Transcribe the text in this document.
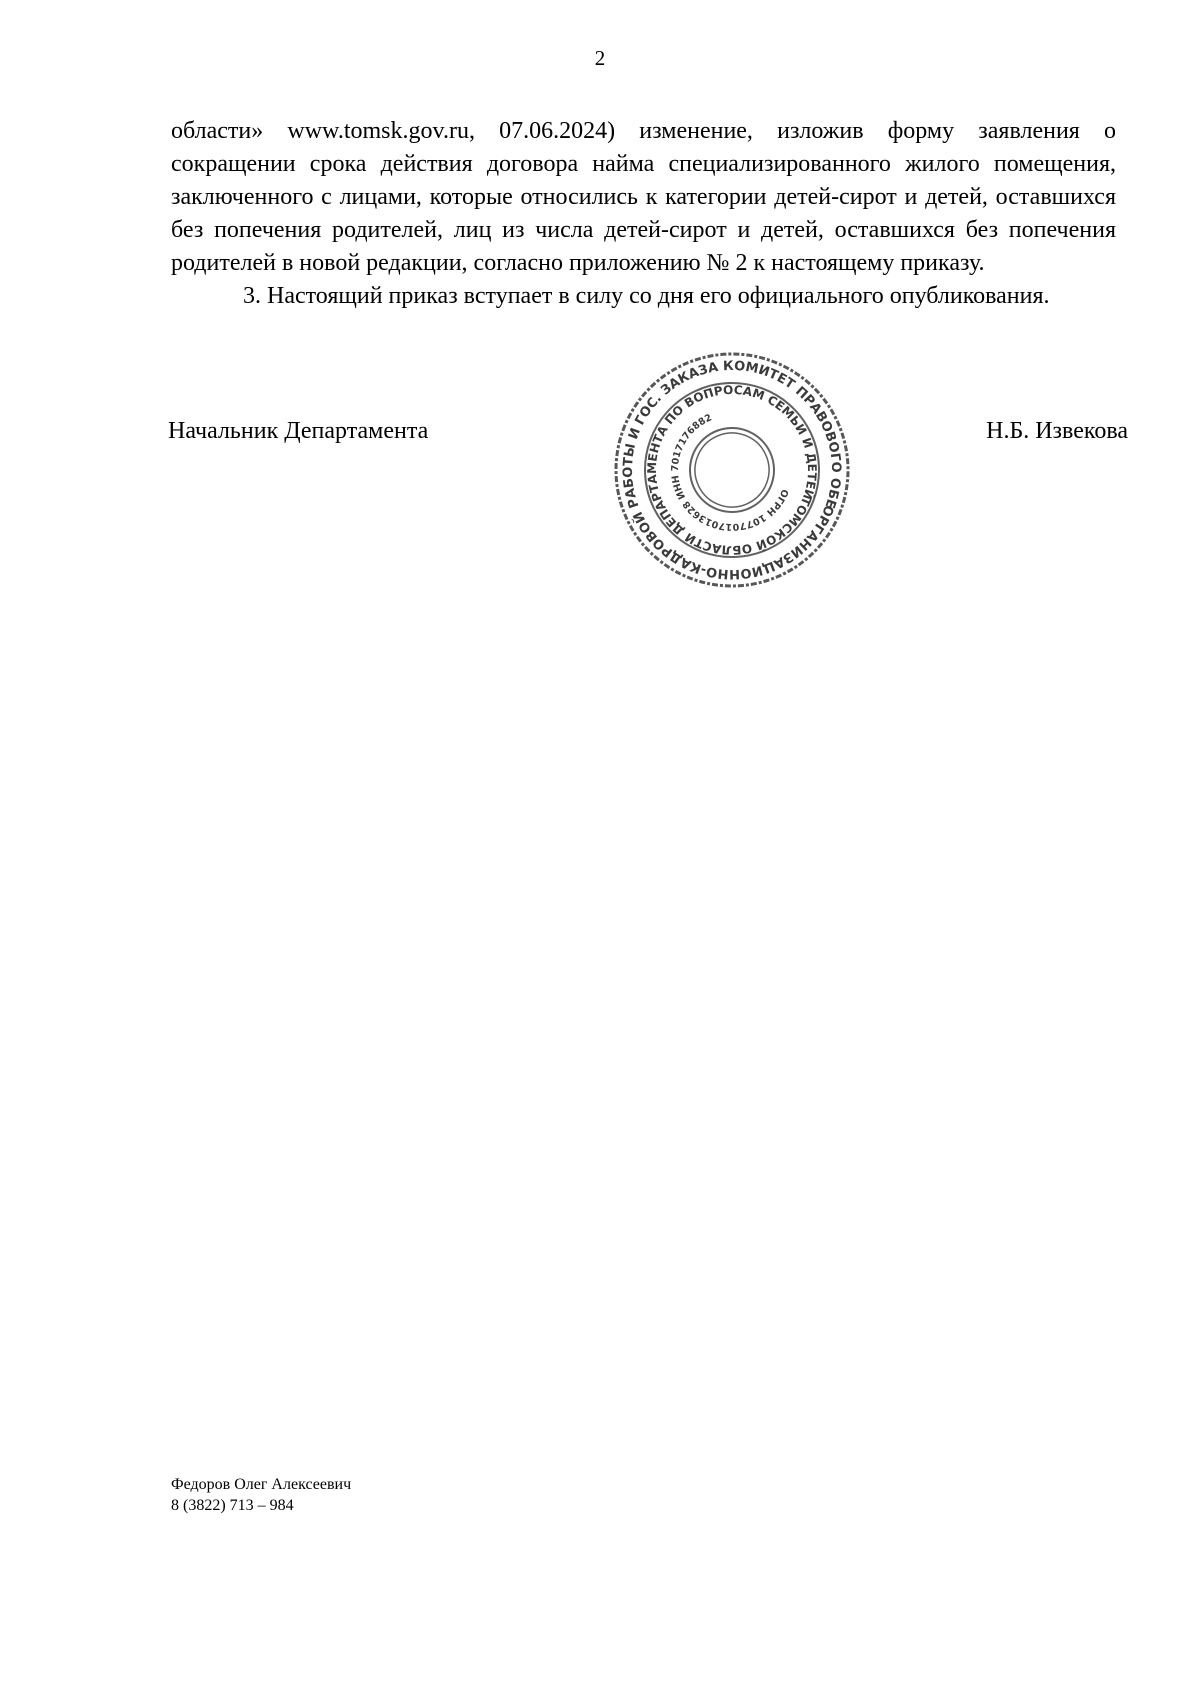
2

области» www.tomsk.gov.ru, 07.06.2024) изменение, изложив форму заявления о сокращении срока действия договора найма специализированного жилого помещения, заключенного с лицами, которые относились к категории детей-сирот и детей, оставшихся без попечения родителей, лиц из числа детей-сирот и детей, оставшихся без попечения родителей в новой редакции, согласно приложению № 2 к настоящему приказу.

3. Настоящий приказ вступает в силу со дня его официального опубликования.

Начальник Департамента	Н.Б. Извекова
ОРГАНИЗАЦИОННО-КАДРОВОЙ РАБОТЫ И ГОС. ЗАКАЗА КОМИТЕТ ПРАВОВОГО ОБЕСПЕЧЕНИЯ,
ТОМСКОЙ ОБЛАСТИ ДЕПАРТАМЕНТА ПО ВОПРОСАМ СЕМЬИ И ДЕТЕЙ
ОГРН 1077017013628 ИНН 7017176882
Федоров Олег Алексеевич
8 (3822) 713 – 984
